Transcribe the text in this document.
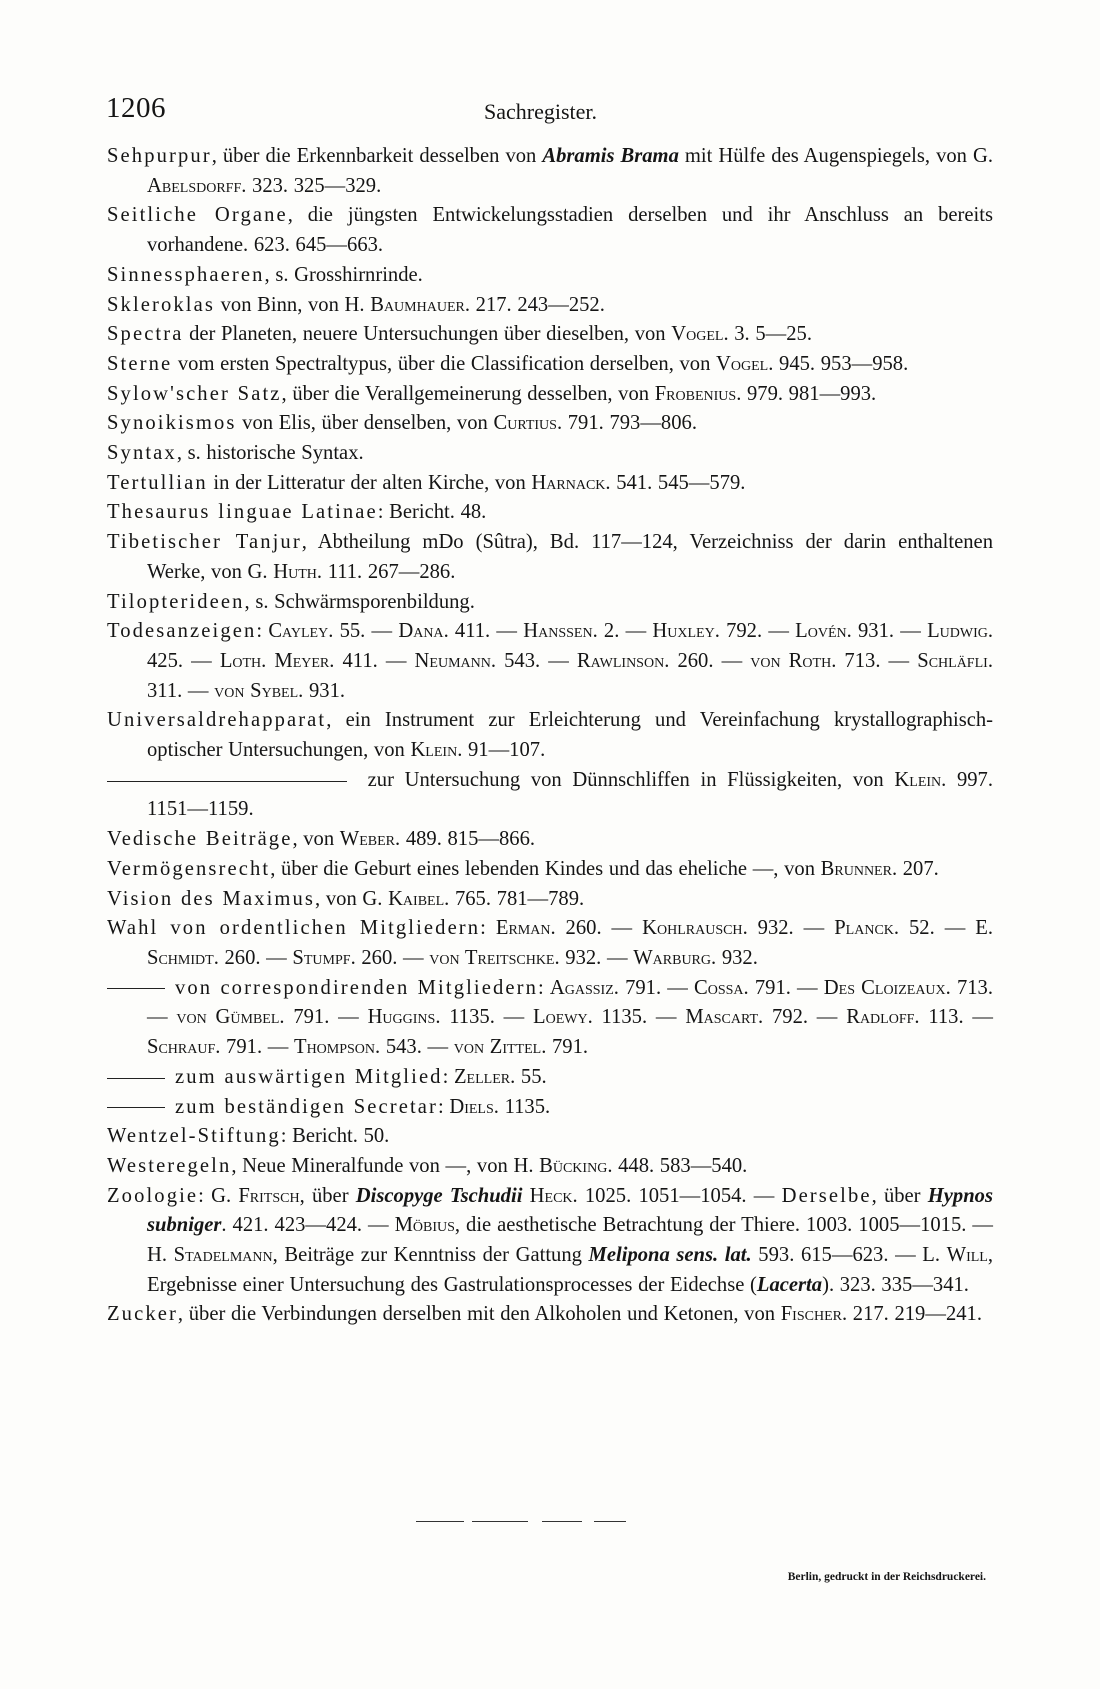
1206	Sachregister.
Sehpurpur, über die Erkennbarkeit desselben von Abramis Brama mit Hülfe des Augenspiegels, von G. Abelsdorff. 323. 325—329.
Seitliche Organe, die jüngsten Entwickelungsstadien derselben und ihr Anschluss an bereits vorhandene. 623. 645—663.
Sinnessphaeren, s. Grosshirnrinde.
Skleroklas von Binn, von H. Baumhauer. 217. 243—252.
Spectra der Planeten, neuere Untersuchungen über dieselben, von Vogel. 3. 5—25.
Sterne vom ersten Spectraltypus, über die Classification derselben, von Vogel. 945. 953—958.
Sylow'scher Satz, über die Verallgemeinerung desselben, von Frobenius. 979. 981—993.
Synoikismos von Elis, über denselben, von Curtius. 791. 793—806.
Syntax, s. historische Syntax.
Tertullian in der Litteratur der alten Kirche, von Harnack. 541. 545—579.
Thesaurus linguae Latinae: Bericht. 48.
Tibetischer Tanjur, Abtheilung mDo (Sûtra), Bd. 117—124, Verzeichniss der darin enthaltenen Werke, von G. Huth. 111. 267—286.
Tilopterideen, s. Schwärmsporenbildung.
Todesanzeigen: Cayley. 55. — Dana. 411. — Hanssen. 2. — Huxley. 792. — Lovén. 931. — Ludwig. 425. — Loth. Meyer. 411. — Neumann. 543. — Rawlinson. 260. — von Roth. 713. — Schläfli. 311. — von Sybel. 931.
Universaldrehapparat, ein Instrument zur Erleichterung und Vereinfachung krystallographisch-optischer Untersuchungen, von Klein. 91—107.
zur Untersuchung von Dünnschliffen in Flüssigkeiten, von Klein. 997. 1151—1159.
Vedische Beiträge, von Weber. 489. 815—866.
Vermögensrecht, über die Geburt eines lebenden Kindes und das eheliche —, von Brunner. 207.
Vision des Maximus, von G. Kaibel. 765. 781—789.
Wahl von ordentlichen Mitgliedern: Erman. 260. — Kohlrausch. 932. — Planck. 52. — E. Schmidt. 260. — Stumpf. 260. — von Treitschke. 932. — Warburg. 932.
von correspondirenden Mitgliedern: Agassiz. 791. — Cossa. 791. — Des Cloizeaux. 713. — von Gümbel. 791. — Huggins. 1135. — Loewy. 1135. — Mascart. 792. — Radloff. 113. — Schrauf. 791. — Thompson. 543. — von Zittel. 791.
zum auswärtigen Mitglied: Zeller. 55.
zum beständigen Secretar: Diels. 1135.
Wentzel-Stiftung: Bericht. 50.
Westeregeln, Neue Mineralfunde von —, von H. Bücking. 448. 583—540.
Zoologie: G. Fritsch, über Discopyge Tschudii Heck. 1025. 1051—1054. — Derselbe, über Hypnos subniger. 421. 423—424. — Möbius, die aesthetische Betrachtung der Thiere. 1003. 1005—1015. — H. Stadelmann, Beiträge zur Kenntniss der Gattung Melipona sens. lat. 593. 615—623. — L. Will, Ergebnisse einer Untersuchung des Gastrulationsprocesses der Eidechse (Lacerta). 323. 335—341.
Zucker, über die Verbindungen derselben mit den Alkoholen und Ketonen, von Fischer. 217. 219—241.
Berlin, gedruckt in der Reichsdruckerei.
